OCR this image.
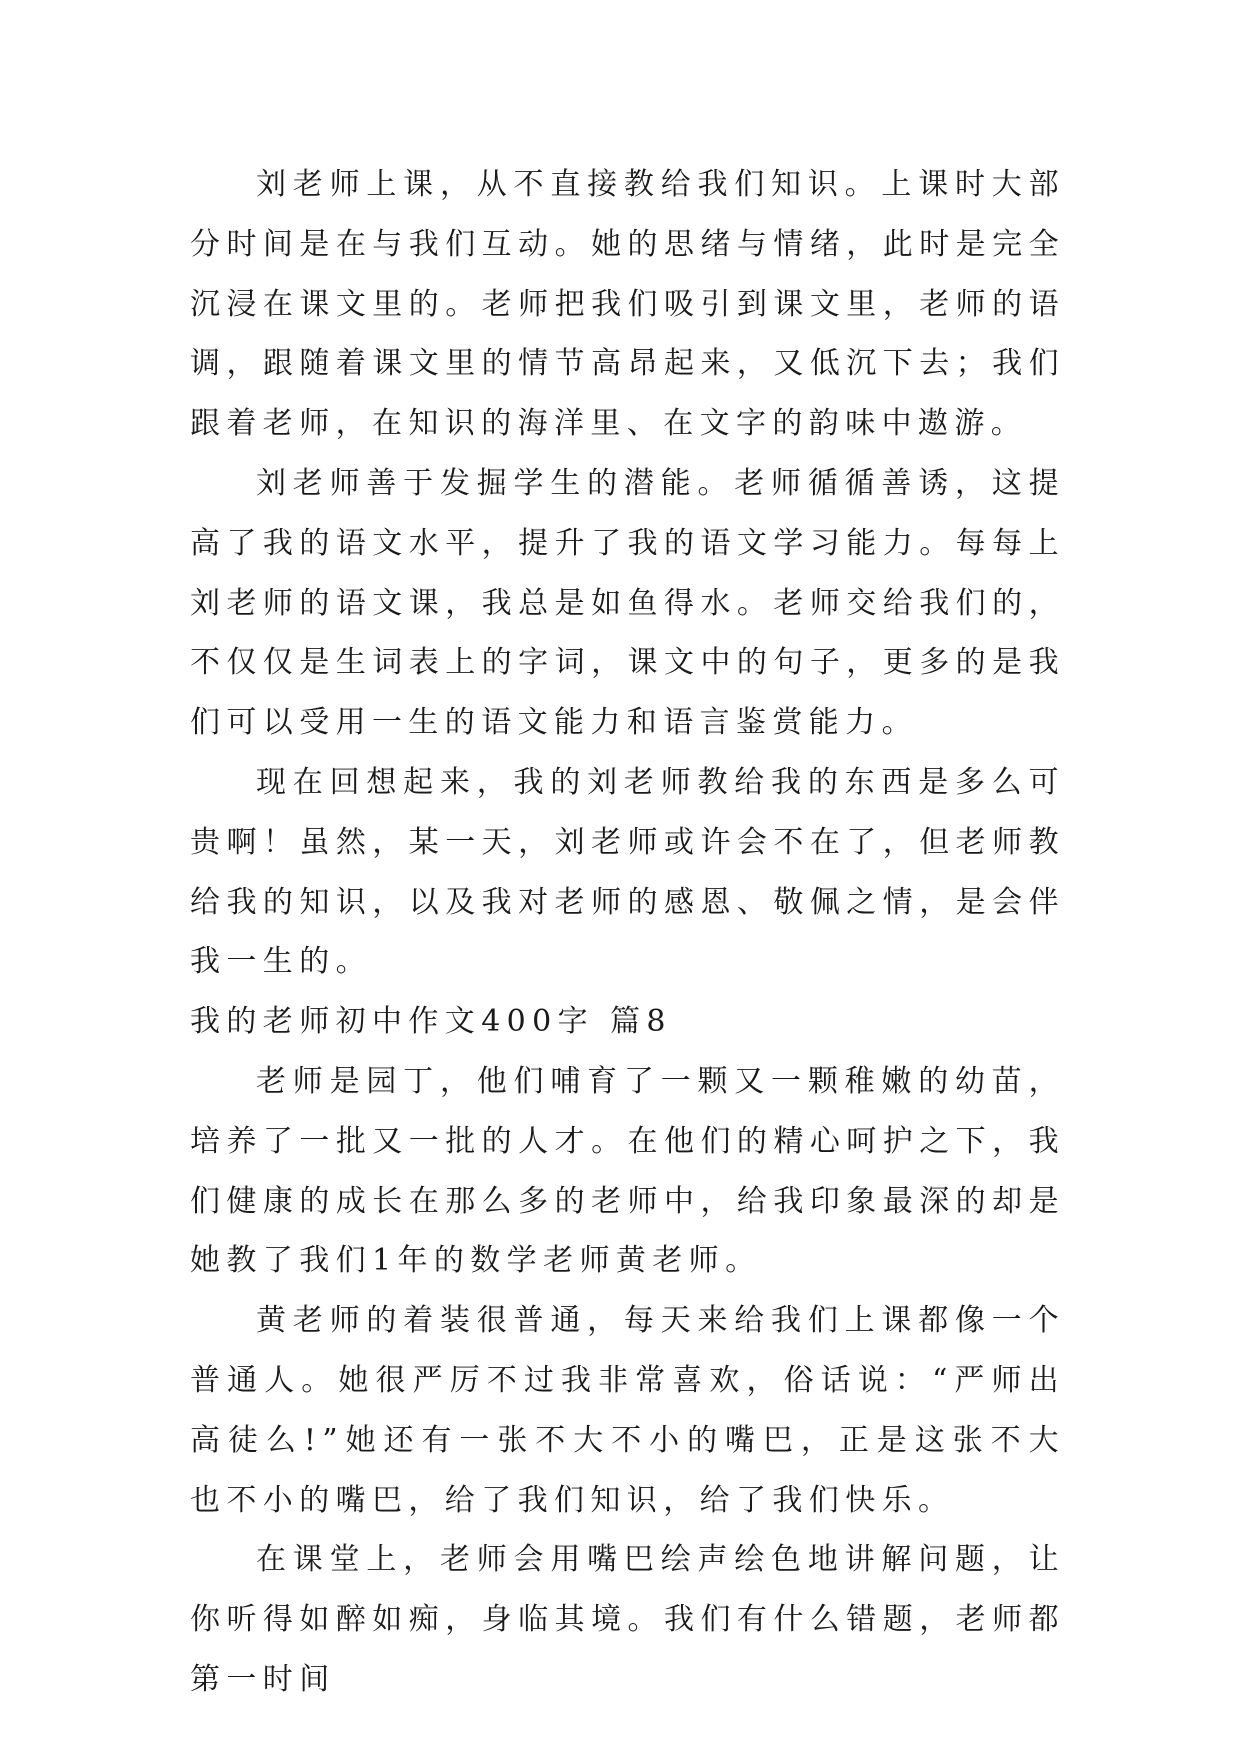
刘老师上课，从不直接教给我们知识。上课时大部分时间是在与我们互动。她的思绪与情绪，此时是完全沉浸在课文里的。老师把我们吸引到课文里，老师的语调，跟随着课文里的情节高昂起来，又低沉下去；我们跟着老师，在知识的海洋里、在文字的韵味中遨游。

刘老师善于发掘学生的潜能。老师循循善诱，这提高了我的语文水平，提升了我的语文学习能力。每每上刘老师的语文课，我总是如鱼得水。老师交给我们的，不仅仅是生词表上的字词，课文中的句子，更多的是我们可以受用一生的语文能力和语言鉴赏能力。

现在回想起来，我的刘老师教给我的东西是多么可贵啊！虽然，某一天，刘老师或许会不在了，但老师教给我的知识，以及我对老师的感恩、敬佩之情，是会伴我一生的。

我的老师初中作文400字 篇8

老师是园丁，他们哺育了一颗又一颗稚嫩的幼苗，培养了一批又一批的人才。在他们的精心呵护之下，我们健康的成长在那么多的老师中，给我印象最深的却是她教了我们1年的数学老师黄老师。

黄老师的着装很普通，每天来给我们上课都像一个普通人。她很严厉不过我非常喜欢，俗话说：“严师出高徒么!”她还有一张不大不小的嘴巴，正是这张不大也不小的嘴巴，给了我们知识，给了我们快乐。

在课堂上，老师会用嘴巴绘声绘色地讲解问题，让你听得如醉如痴，身临其境。我们有什么错题，老师都第一时间
